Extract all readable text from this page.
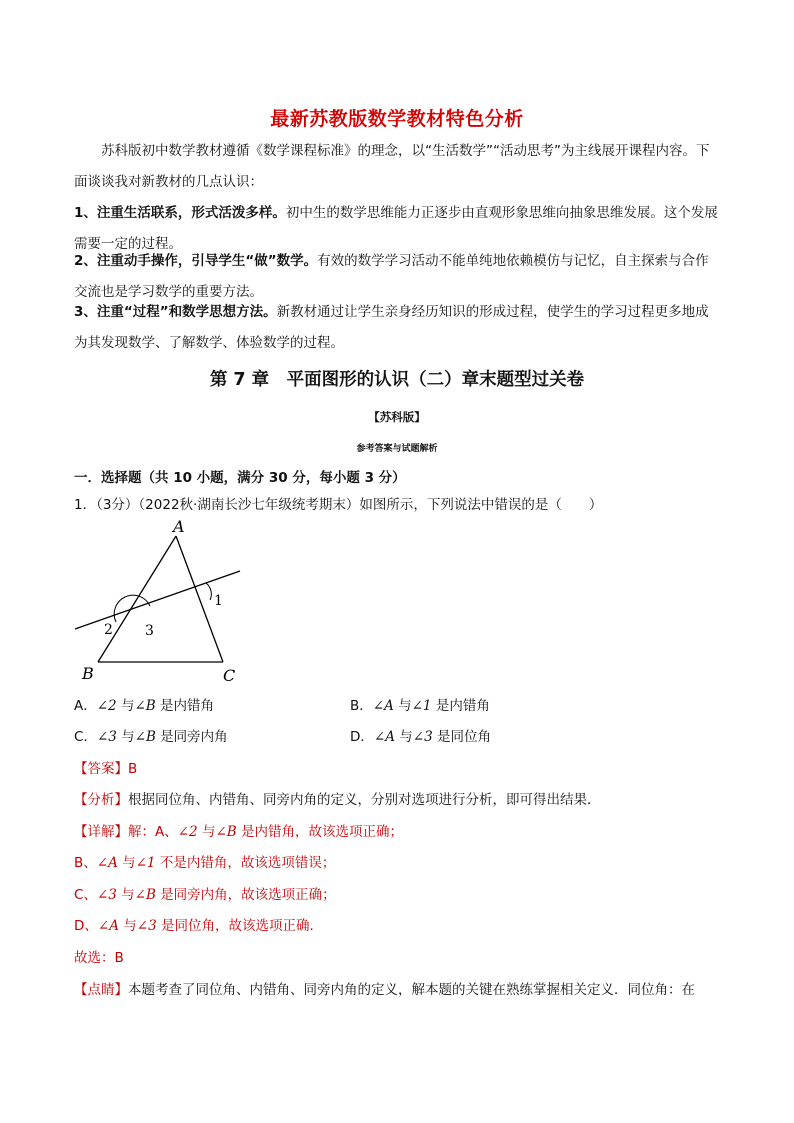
最新苏教版数学教材特色分析
苏科版初中数学教材遵循《数学课程标准》的理念，以“生活数学”“活动思考”为主线展开课程内容。下面谈谈我对新教材的几点认识：
1、注重生活联系，形式活泼多样。初中生的数学思维能力正逐步由直观形象思维向抽象思维发展。这个发展需要一定的过程。
2、注重动手操作，引导学生“做”数学。有效的数学学习活动不能单纯地依赖模仿与记忆，自主探索与合作交流也是学习数学的重要方法。
3、注重“过程”和数学思想方法。新教材通过让学生亲身经历知识的形成过程，使学生的学习过程更多地成为其发现数学、了解数学、体验数学的过程。
第 7 章　平面图形的认识（二）章末题型过关卷
【苏科版】
参考答案与试题解析
一．选择题（共 10 小题，满分 30 分，每小题 3 分）
1．（3分）（2022秋·湖南长沙七年级统考期末）如图所示，下列说法中错误的是（　　）
A
B	C
1
2 3
A．∠2 与∠B 是内错角	B．∠A 与∠1 是内错角
C．∠3 与∠B 是同旁内角	D．∠A 与∠3 是同位角
【答案】B
【分析】根据同位角、内错角、同旁内角的定义，分别对选项进行分析，即可得出结果．
【详解】解：A、∠2 与∠B 是内错角，故该选项正确；
B、∠A 与∠1 不是内错角，故该选项错误；
C、∠3 与∠B 是同旁内角，故该选项正确；
D、∠A 与∠3 是同位角，故该选项正确．
故选：B
【点睛】本题考查了同位角、内错角、同旁内角的定义，解本题的关键在熟练掌握相关定义．同位角：在
